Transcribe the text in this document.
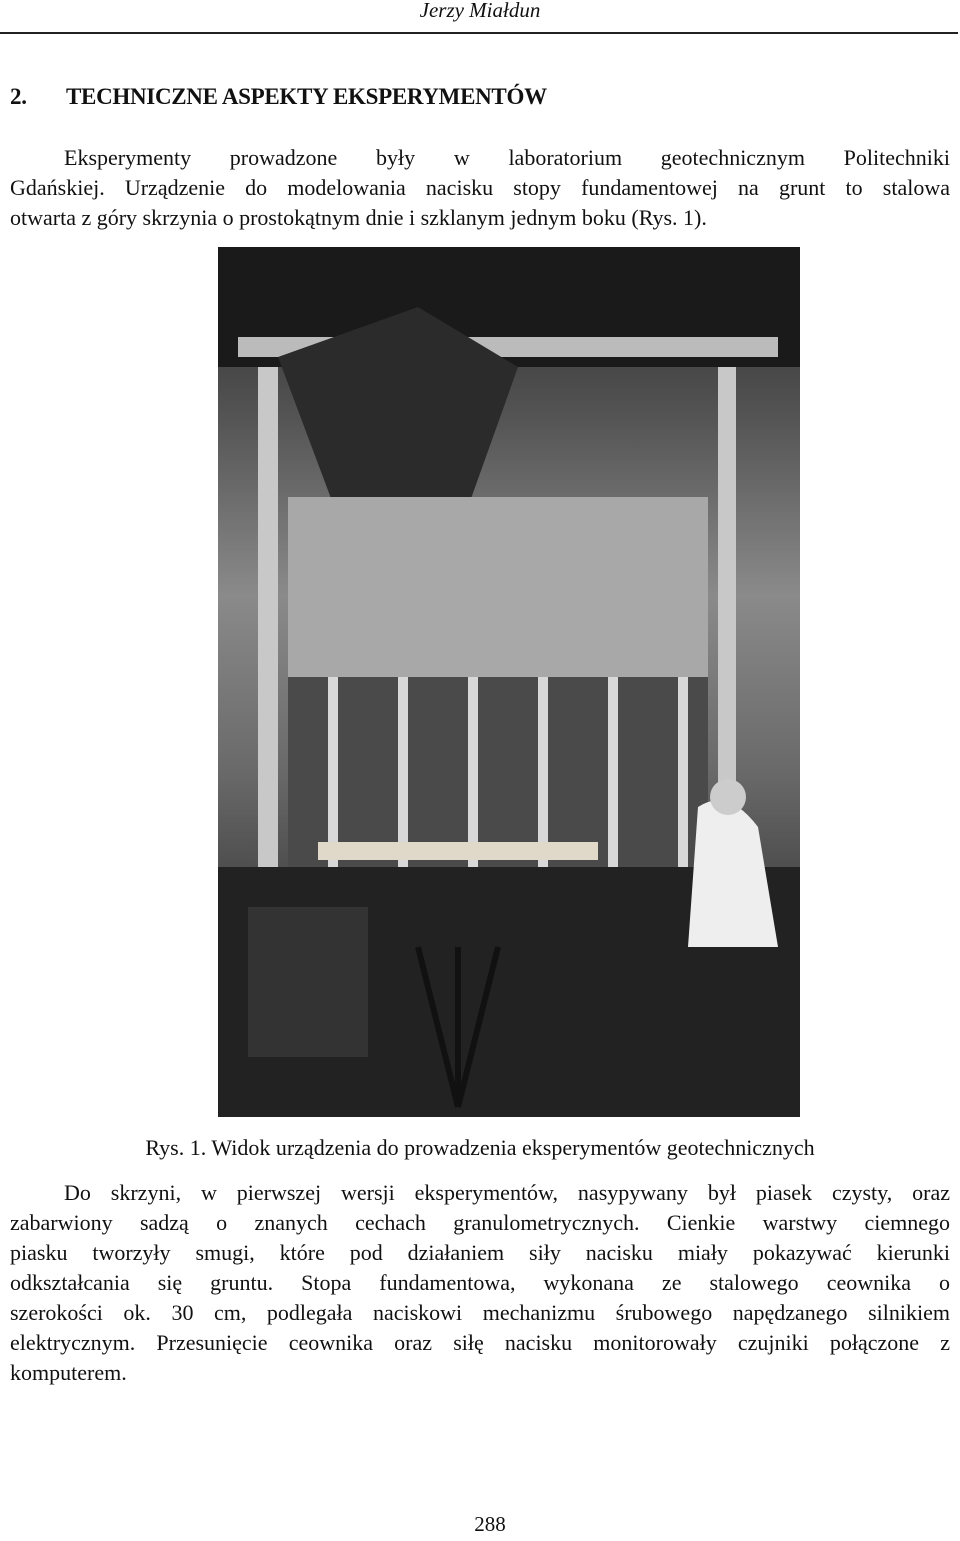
Jerzy Miałdun
2. TECHNICZNE ASPEKTY EKSPERYMENTÓW
Eksperymenty prowadzone były w laboratorium geotechnicznym Politechniki
Gdańskiej. Urządzenie do modelowania nacisku stopy fundamentowej na grunt to stalowa
otwarta z góry skrzynia o prostokątnym dnie i szklanym jednym boku (Rys. 1).
Rys. 1. Widok urządzenia do prowadzenia eksperymentów geotechnicznych
Do skrzyni, w pierwszej wersji eksperymentów, nasypywany był piasek czysty, oraz
zabarwiony sadzą o znanych cechach granulometrycznych. Cienkie warstwy ciemnego
piasku tworzyły smugi, które pod działaniem siły nacisku miały pokazywać kierunki
odkształcania się gruntu. Stopa fundamentowa, wykonana ze stalowego ceownika o
szerokości ok. 30 cm, podlegała naciskowi mechanizmu śrubowego napędzanego silnikiem
elektrycznym. Przesunięcie ceownika oraz siłę nacisku monitorowały czujniki połączone z
komputerem.
288
